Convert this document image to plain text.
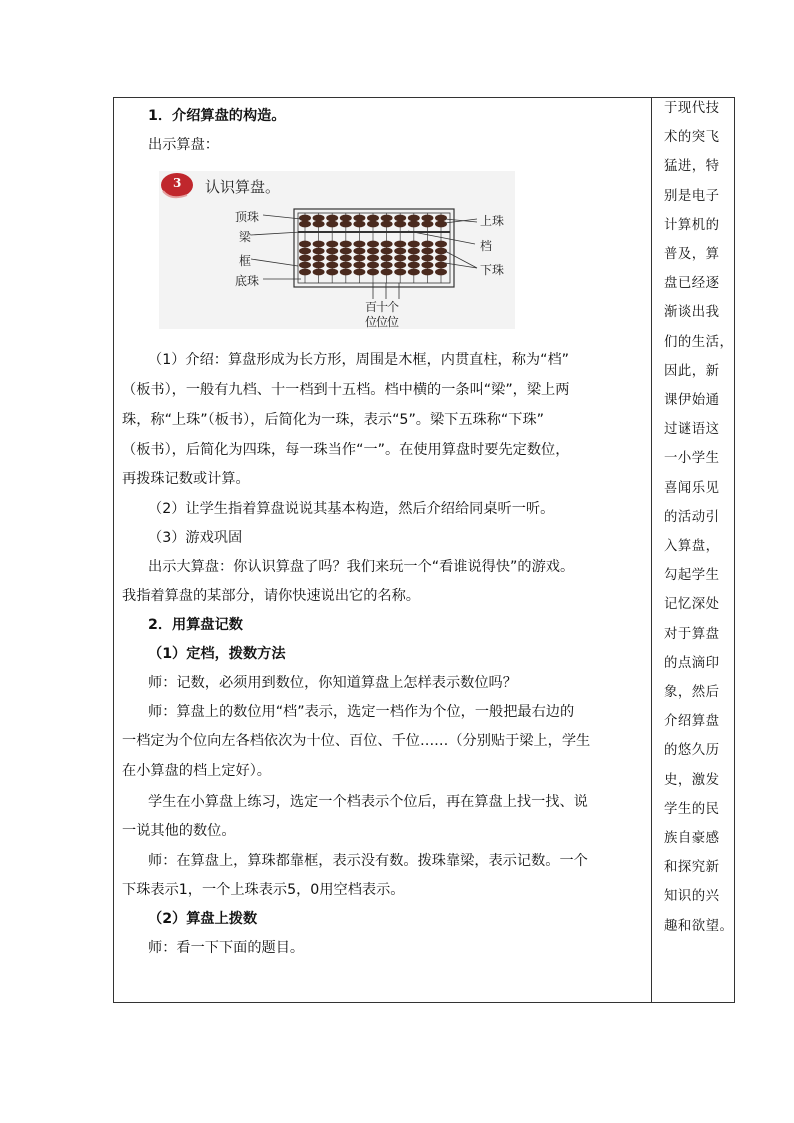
1．介绍算盘的构造。
出示算盘：
3 认识算盘。
顶珠
梁
框
底珠
上珠
档
下珠
百十个
位位位
（1）介绍：算盘形成为长方形，周围是木框，内贯直柱，称为“档”
（板书），一般有九档、十一档到十五档。档中横的一条叫“梁”，梁上两
珠，称“上珠”（板书），后简化为一珠，表示“5”。梁下五珠称“下珠”
（板书），后简化为四珠，每一珠当作“一”。在使用算盘时要先定数位，
再拨珠记数或计算。
（2）让学生指着算盘说说其基本构造，然后介绍给同桌听一听。
（3）游戏巩固
出示大算盘：你认识算盘了吗？我们来玩一个“看谁说得快”的游戏。
我指着算盘的某部分，请你快速说出它的名称。
2．用算盘记数
（1）定档，拨数方法
师：记数，必须用到数位，你知道算盘上怎样表示数位吗？
师：算盘上的数位用“档”表示，选定一档作为个位，一般把最右边的
一档定为个位向左各档依次为十位、百位、千位……（分别贴于梁上，学生
在小算盘的档上定好）。
学生在小算盘上练习，选定一个档表示个位后，再在算盘上找一找、说
一说其他的数位。
师：在算盘上，算珠都靠框，表示没有数。拨珠靠梁，表示记数。一个
下珠表示1，一个上珠表示5，0用空档表示。
（2）算盘上拨数
师：看一下下面的题目。
于现代技
术的突飞
猛进，特
别是电子
计算机的
普及，算
盘已经逐
渐谈出我
们的生活，
因此，新
课伊始通
过谜语这
一小学生
喜闻乐见
的活动引
入算盘，
勾起学生
记忆深处
对于算盘
的点滴印
象，然后
介绍算盘
的悠久历
史，激发
学生的民
族自豪感
和探究新
知识的兴
趣和欲望。
